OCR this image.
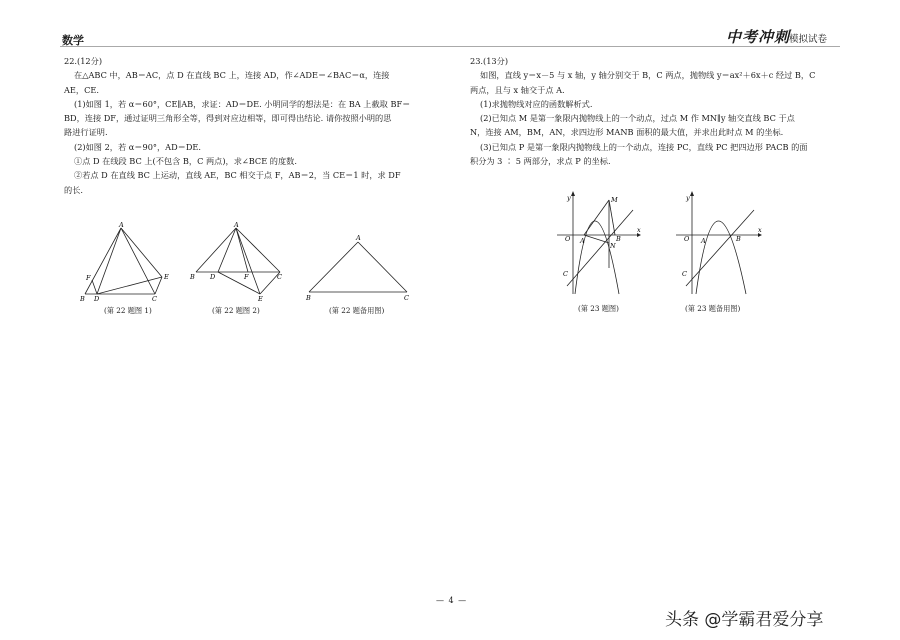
数学	中考冲刺
模拟试卷

22.(12分)

在△ABC 中，AB＝AC，点 D 在直线 BC 上，连接 AD，作∠ADE＝∠BAC＝α，连接

AE，CE.

(1)如图 1，若 α＝60°，CE∥AB，求证：AD＝DE. 小明同学的想法是：在 BA 上截取 BF＝

BD，连接 DF，通过证明三角形全等，得到对应边相等，即可得出结论. 请你按照小明的思

路进行证明.

(2)如图 2，若 α＝90°，AD＝DE.

①点 D 在线段 BC 上(不包含 B，C 两点)，求∠BCE 的度数.

②若点 D 在直线 BC 上运动，直线 AE，BC 相交于点 F，AB＝2，当 CE＝1 时，求 DF

的长.

A
B D	C
E
F
A
B D	F	C
E
A
B	C
(第 22 题图 1)	(第 22 题图 2)	(第 22 题备用图)

23.(13分)

如图，直线 y＝x－5 与 x 轴，y 轴分别交于 B，C 两点，抛物线 y＝ax²＋6x＋c 经过 B，C

两点，且与 x 轴交于点 A.

(1)求抛物线对应的函数解析式.

(2)已知点 M 是第一象限内抛物线上的一个动点，过点 M 作 MN∥y 轴交直线 BC 于点

N，连接 AM，BM，AN，求四边形 MANB 面积的最大值，并求出此时点 M 的坐标.

(3)已知点 P 是第一象限内抛物线上的一个动点，连接 PC，直线 PC 把四边形 PACB 的面

积分为 3 ∶ 5 两部分，求点 P 的坐标.

y
x
O A	B
M
N
C
y
x
O A	B
C
(第 23 题图)	(第 23 题备用图)
— 4 —
头条 @学霸君爱分享
